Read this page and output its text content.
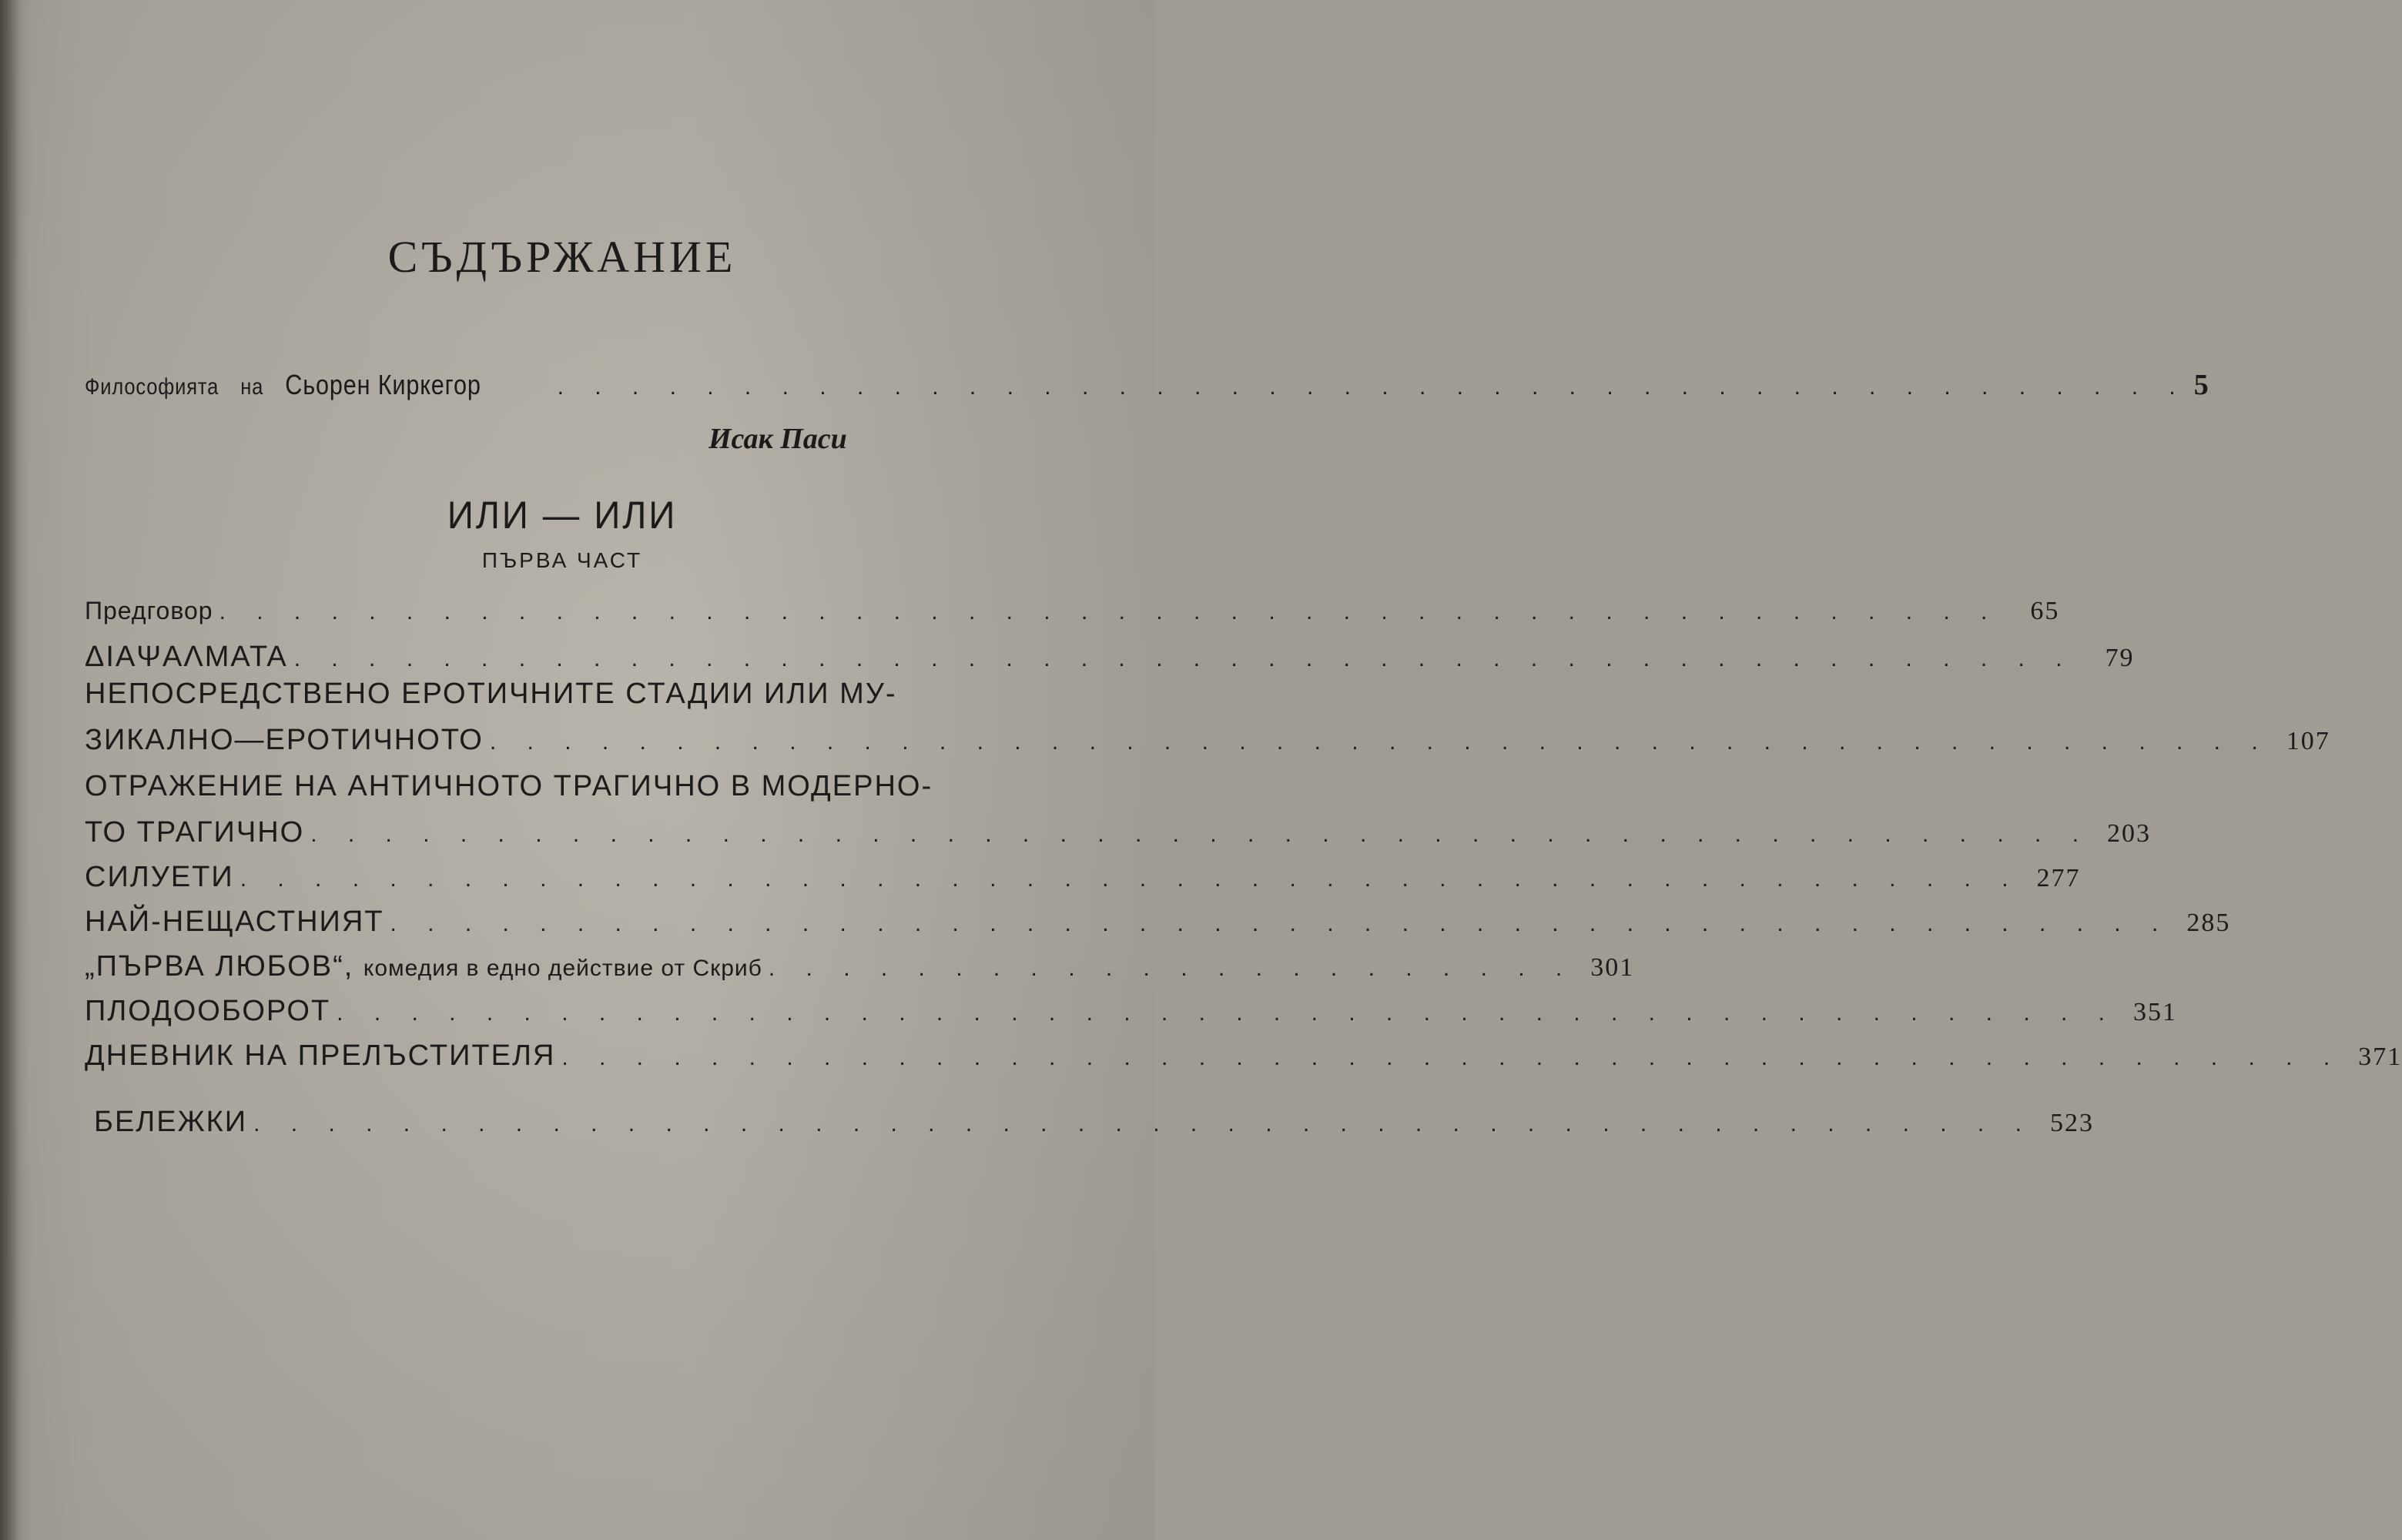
СЪДЪРЖАНИЕ
Философията на Сьорен Киркегор	. . . . . . . . . . . . . . . . . . . . . . . . . . . . . . . . . . . . . . . . . . . . 5
Исак Паси
ИЛИ — ИЛИ
ПЪРВА ЧАСТ
Предговор . . . . . . . . . . . . . . . . . . . . . . . . . . . . . . . . . . . . . . . . . . . . . . . .	65
ΔΙΑΨΑΛΜΑΤΑ . . . . . . . . . . . . . . . . . . . . . . . . . . . . . . . . . . . . . . . . . . . . . . . .	79
НЕПОСРЕДСТВЕНО ЕРОТИЧНИТЕ СТАДИИ ИЛИ МУ-
ЗИКАЛНО—ЕРОТИЧНОТО . . . . . . . . . . . . . . . . . . . . . . . . . . . . . . . . . . . . . . . . . . . . . . . . 107
ОТРАЖЕНИЕ НА АНТИЧНОТО ТРАГИЧНО В МОДЕРНО-
ТО ТРАГИЧНО . . . . . . . . . . . . . . . . . . . . . . . . . . . . . . . . . . . . . . . . . . . . . . . . 203
СИЛУЕТИ . . . . . . . . . . . . . . . . . . . . . . . . . . . . . . . . . . . . . . . . . . . . . . . . 277
НАЙ-НЕЩАСТНИЯТ . . . . . . . . . . . . . . . . . . . . . . . . . . . . . . . . . . . . . . . . . . . . . . . . 285
„ПЪРВА ЛЮБОВ“, комедия в едно действие от Скриб . . . . . . . . . . . . . . . . . . . . . . 301
ПЛОДООБОРОТ . . . . . . . . . . . . . . . . . . . . . . . . . . . . . . . . . . . . . . . . . . . . . . . . 351
ДНЕВНИК НА ПРЕЛЪСТИТЕЛЯ . . . . . . . . . . . . . . . . . . . . . . . . . . . . . . . . . . . . . . . . . . . . . . . . 371
БЕЛЕЖКИ . . . . . . . . . . . . . . . . . . . . . . . . . . . . . . . . . . . . . . . . . . . . . . . . 523
